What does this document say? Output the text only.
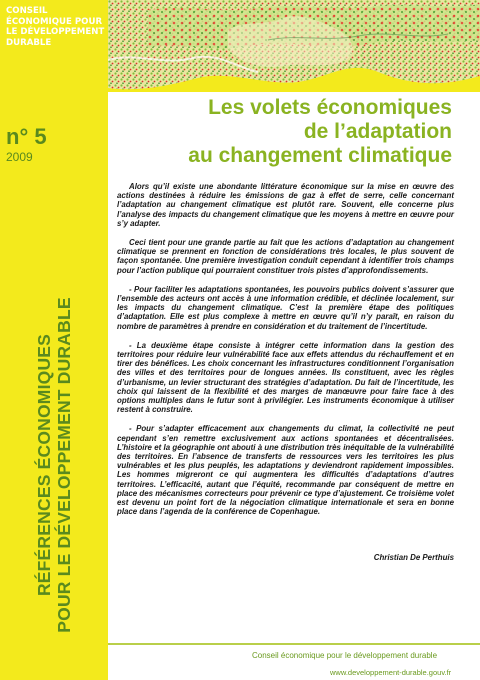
CONSEIL ÉCONOMIQUE POUR LE DÉVELOPPEMENT DURABLE
n° 5
2009
RÉFÉRENCES ÉCONOMIQUES POUR LE DÉVELOPPEMENT DURABLE
Les volets économiques
de l’adaptation
au changement climatique

Alors qu’il existe une abondante littérature économique sur la mise en œuvre des actions destinées à réduire les émissions de gaz à effet de serre, celle concernant l’adaptation au changement climatique est plutôt rare. Souvent, elle concerne plus l’analyse des impacts du changement climatique que les moyens à mettre en œuvre pour s’y adapter.

Ceci tient pour une grande partie au fait que les actions d’adaptation au changement climatique se prennent en fonction de considérations très locales, le plus souvent de façon spontanée. Une première investigation conduit cependant à identifier trois champs pour l’action publique qui pourraient constituer trois pistes d’approfondissements.

- Pour faciliter les adaptations spontanées, les pouvoirs publics doivent s’assurer que l’ensemble des acteurs ont accès à une information crédible, et déclinée localement, sur les impacts du changement climatique. C’est la première étape des politiques d’adaptation. Elle est plus complexe à mettre en œuvre qu’il n’y paraît, en raison du nombre de paramètres à prendre en considération et du traitement de l’incertitude.

- La deuxième étape consiste à intégrer cette information dans la gestion des territoires pour réduire leur vulnérabilité face aux effets attendus du réchauffement et en tirer des bénéfices. Les choix concernant les infrastructures conditionnent l’organisation des villes et des territoires pour de longues années. Ils constituent, avec les règles d’urbanisme, un levier structurant des stratégies d’adaptation. Du fait de l’incertitude, les choix qui laissent de la flexibilité et des marges de manœuvre pour faire face à des options multiples dans le futur sont à privilégier. Les instruments économique à utiliser restent à construire.

- Pour s’adapter efficacement aux changements du climat, la collectivité ne peut cependant s’en remettre exclusivement aux actions spontanées et décentralisées. L’histoire et la géographie ont abouti à une distribution très inéquitable de la vulnérabilité des territoires. En l’absence de transferts de ressources vers les territoires les plus vulnérables et les plus peuplés, les adaptations y deviendront rapidement impossibles. Les hommes migreront ce qui augmentera les difficultés d’adaptations d’autres territoires. L’efficacité, autant que l’équité, recommande par conséquent de mettre en place des mécanismes correcteurs pour prévenir ce type d’ajustement. Ce troisième volet est devenu un point fort de la négociation climatique internationale et sera en bonne place dans l’agenda de la conférence de Copenhague.

Christian De Perthuis
Conseil économique pour le développement durable
www.developpement-durable.gouv.fr
